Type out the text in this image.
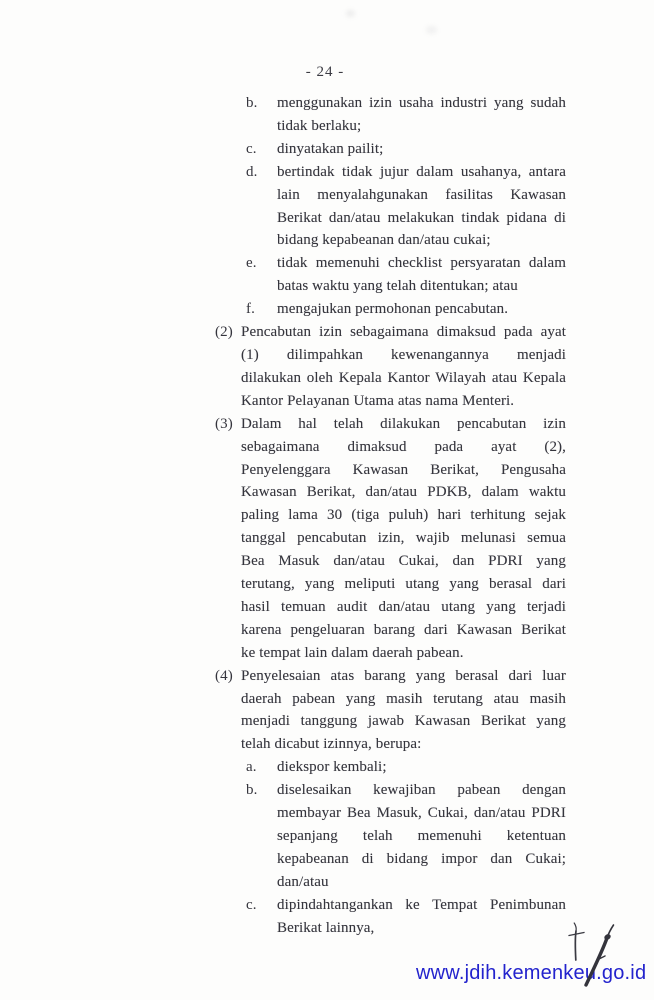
- 24 -
b.	menggunakan izin usaha industri yang sudah
tidak berlaku;
c.	dinyatakan pailit;
d.	bertindak tidak jujur dalam usahanya, antara
lain menyalahgunakan fasilitas Kawasan
Berikat dan/atau melakukan tindak pidana di
bidang kepabeanan dan/atau cukai;
e.	tidak memenuhi checklist persyaratan dalam
batas waktu yang telah ditentukan; atau
f.	mengajukan permohonan pencabutan.
(2) Pencabutan izin sebagaimana dimaksud pada ayat
(1) dilimpahkan kewenangannya menjadi
dilakukan oleh Kepala Kantor Wilayah atau Kepala
Kantor Pelayanan Utama atas nama Menteri.
(3) Dalam hal telah dilakukan pencabutan izin
sebagaimana dimaksud pada ayat (2),
Penyelenggara Kawasan Berikat, Pengusaha
Kawasan Berikat, dan/atau PDKB, dalam waktu
paling lama 30 (tiga puluh) hari terhitung sejak
tanggal pencabutan izin, wajib melunasi semua
Bea Masuk dan/atau Cukai, dan PDRI yang
terutang, yang meliputi utang yang berasal dari
hasil temuan audit dan/atau utang yang terjadi
karena pengeluaran barang dari Kawasan Berikat
ke tempat lain dalam daerah pabean.
(4) Penyelesaian atas barang yang berasal dari luar
daerah pabean yang masih terutang atau masih
menjadi tanggung jawab Kawasan Berikat yang
telah dicabut izinnya, berupa:
a.	diekspor kembali;
b.	diselesaikan kewajiban pabean dengan
membayar Bea Masuk, Cukai, dan/atau PDRI
sepanjang telah memenuhi ketentuan
kepabeanan di bidang impor dan Cukai;
dan/atau
c.	dipindahtangankan ke Tempat Penimbunan
Berikat lainnya,
www.jdih.kemenkeu.go.id
